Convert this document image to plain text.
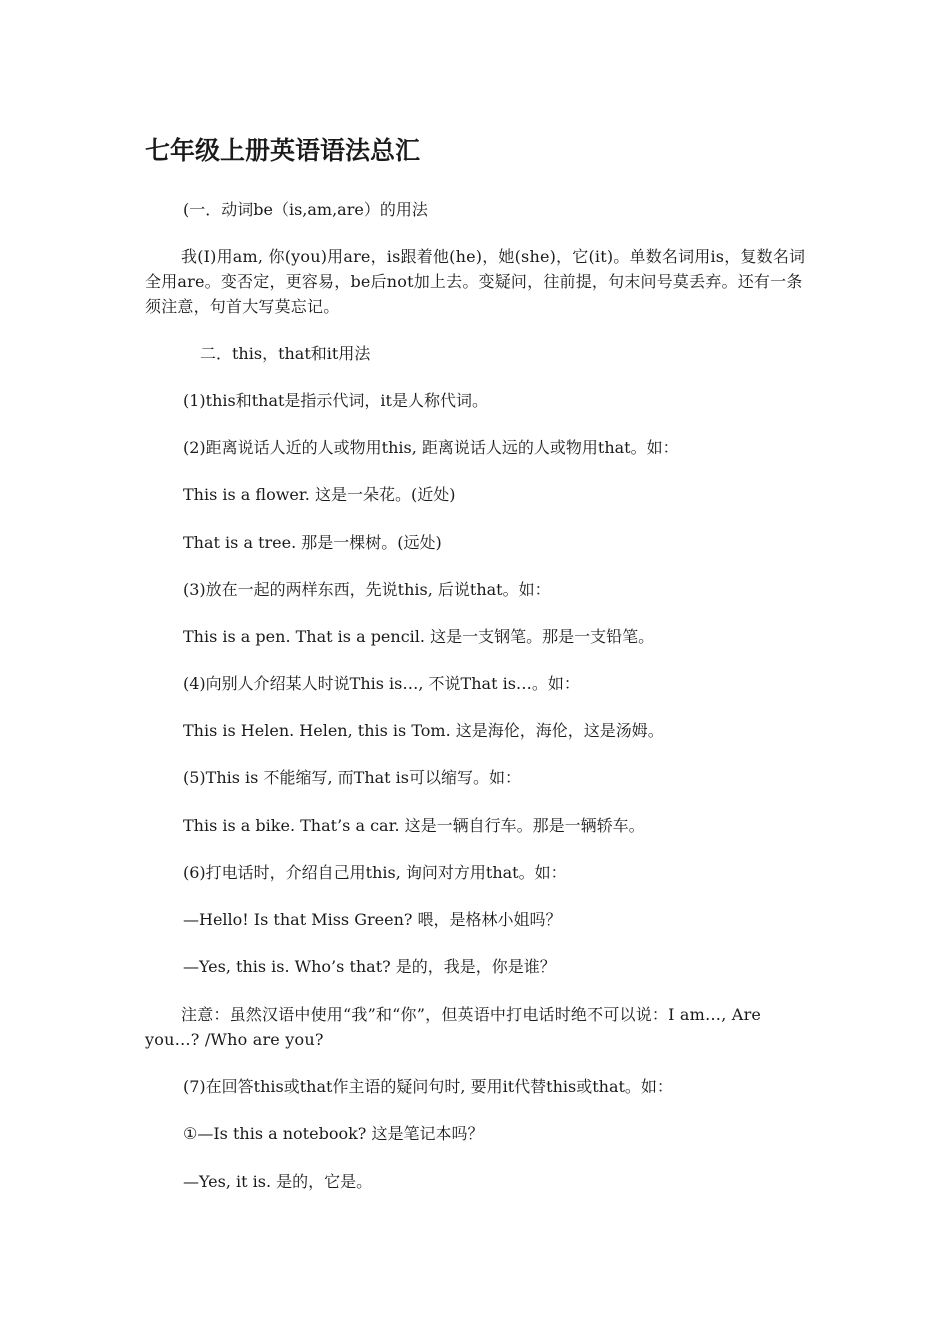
七年级上册英语语法总汇

(一．动词be（is,am,are）的用法

我(I)用am, 你(you)用are，is跟着他(he)，她(she)，它(it)。单数名词用is，复数名词全用are。变否定，更容易，be后not加上去。变疑问，往前提，句末问号莫丢弃。还有一条须注意，句首大写莫忘记。

二．this，that和it用法

(1)this和that是指示代词，it是人称代词。

(2)距离说话人近的人或物用this, 距离说话人远的人或物用that。如：

This is a flower. 这是一朵花。(近处)

That is a tree. 那是一棵树。(远处)

(3)放在一起的两样东西，先说this, 后说that。如：

This is a pen. That is a pencil. 这是一支钢笔。那是一支铅笔。

(4)向别人介绍某人时说This is…, 不说That is…。如：

This is Helen. Helen, this is Tom. 这是海伦，海伦，这是汤姆。

(5)This is 不能缩写, 而That is可以缩写。如：

This is a bike. That’s a car. 这是一辆自行车。那是一辆轿车。

(6)打电话时，介绍自己用this, 询问对方用that。如：

—Hello! Is that Miss Green? 喂，是格林小姐吗？

—Yes, this is. Who’s that? 是的，我是，你是谁？

注意：虽然汉语中使用“我”和“你”，但英语中打电话时绝不可以说：I am…, Are you…? /Who are you?

(7)在回答this或that作主语的疑问句时, 要用it代替this或that。如：

①—Is this a notebook? 这是笔记本吗？

—Yes, it is. 是的，它是。
